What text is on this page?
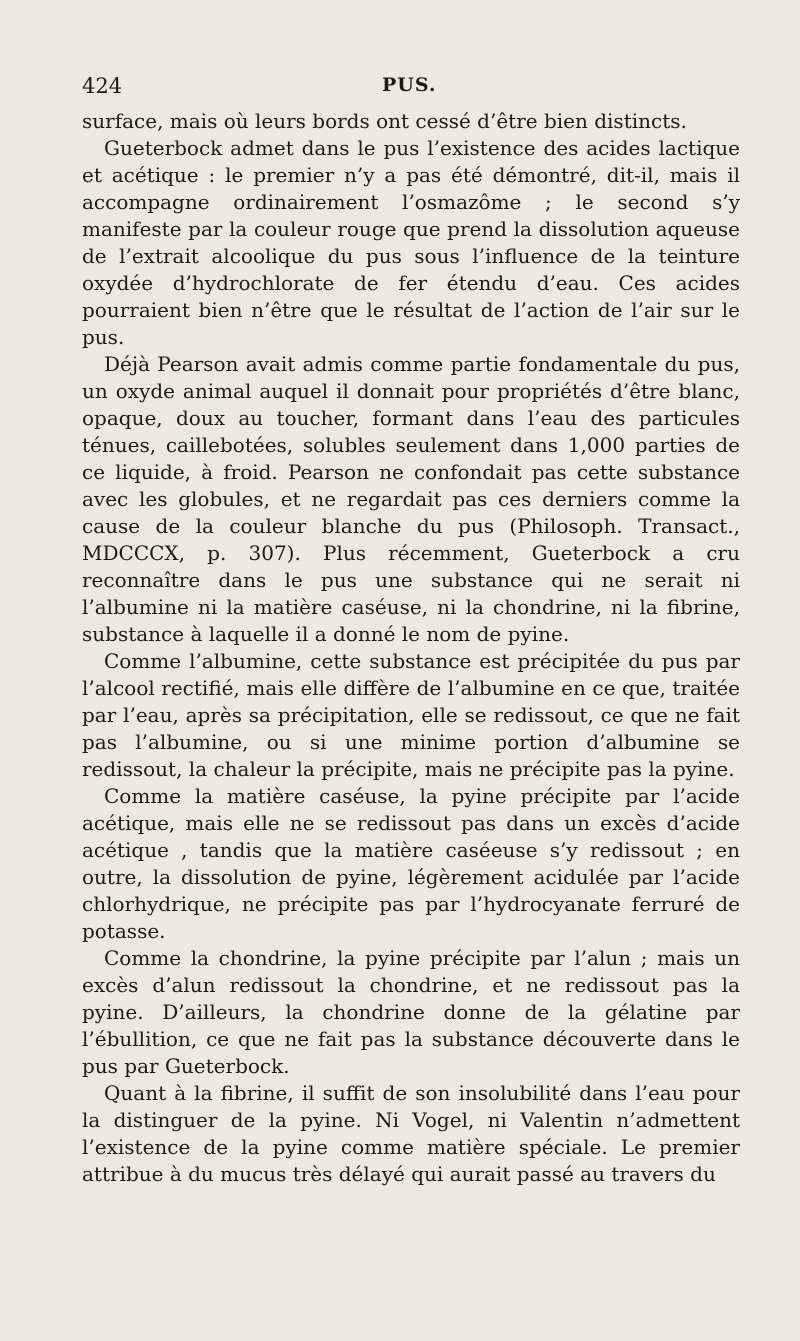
424	PUS.

surface, mais où leurs bords ont cessé d’être bien distincts.

Gueterbock admet dans le pus l’existence des acides lactique et acétique : le premier n’y a pas été démontré, dit-il, mais il accompagne ordinairement l’osmazôme ; le second s’y manifeste par la couleur rouge que prend la dissolution aqueuse de l’extrait alcoolique du pus sous l’influence de la teinture oxydée d’hydrochlorate de fer étendu d’eau. Ces acides pourraient bien n’être que le résultat de l’action de l’air sur le pus.

Déjà Pearson avait admis comme partie fondamentale du pus, un oxyde animal auquel il donnait pour propriétés d’être blanc, opaque, doux au toucher, formant dans l’eau des particules ténues, caillebotées, solubles seulement dans 1,000 parties de ce liquide, à froid. Pearson ne confondait pas cette substance avec les globules, et ne regardait pas ces derniers comme la cause de la couleur blanche du pus (Philosoph. Transact., MDCCCX, p. 307). Plus récemment, Gueterbock a cru reconnaître dans le pus une substance qui ne serait ni l’albumine ni la matière caséuse, ni la chondrine, ni la fibrine, substance à laquelle il a donné le nom de pyine.

Comme l’albumine, cette substance est précipitée du pus par l’alcool rectifié, mais elle diffère de l’albumine en ce que, traitée par l’eau, après sa précipitation, elle se redissout, ce que ne fait pas l’albumine, ou si une minime portion d’albumine se redissout, la chaleur la précipite, mais ne précipite pas la pyine.

Comme la matière caséuse, la pyine précipite par l’acide acétique, mais elle ne se redissout pas dans un excès d’acide acétique , tandis que la matière caséeuse s’y redissout ; en outre, la dissolution de pyine, légèrement acidulée par l’acide chlorhydrique, ne précipite pas par l’hydrocyanate ferruré de potasse.

Comme la chondrine, la pyine précipite par l’alun ; mais un excès d’alun redissout la chondrine, et ne redissout pas la pyine. D’ailleurs, la chondrine donne de la gélatine par l’ébullition, ce que ne fait pas la substance découverte dans le pus par Gueterbock.

Quant à la fibrine, il suffit de son insolubilité dans l’eau pour la distinguer de la pyine. Ni Vogel, ni Valentin n’admettent l’existence de la pyine comme matière spéciale. Le premier attribue à du mucus très délayé qui aurait passé au travers du
